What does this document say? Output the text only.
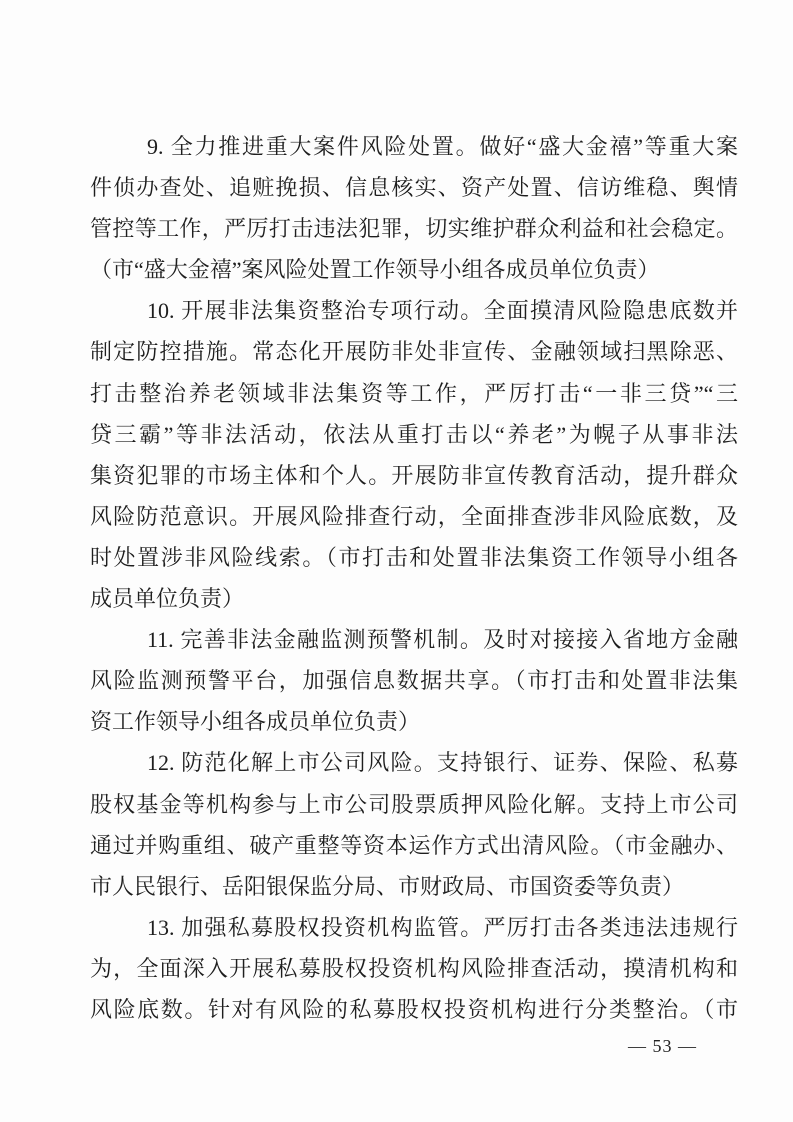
9. 全力推进重大案件风险处置。做好“盛大金禧”等重大案
件侦办查处、追赃挽损、信息核实、资产处置、信访维稳、舆情
管控等工作，严厉打击违法犯罪，切实维护群众利益和社会稳定。
（市“盛大金禧”案风险处置工作领导小组各成员单位负责）
10. 开展非法集资整治专项行动。全面摸清风险隐患底数并
制定防控措施。常态化开展防非处非宣传、金融领域扫黑除恶、
打击整治养老领域非法集资等工作，严厉打击“一非三贷”“三
贷三霸”等非法活动，依法从重打击以“养老”为幌子从事非法
集资犯罪的市场主体和个人。开展防非宣传教育活动，提升群众
风险防范意识。开展风险排查行动，全面排查涉非风险底数，及
时处置涉非风险线索。（市打击和处置非法集资工作领导小组各
成员单位负责）
11. 完善非法金融监测预警机制。及时对接接入省地方金融
风险监测预警平台，加强信息数据共享。（市打击和处置非法集
资工作领导小组各成员单位负责）
12. 防范化解上市公司风险。支持银行、证券、保险、私募
股权基金等机构参与上市公司股票质押风险化解。支持上市公司
通过并购重组、破产重整等资本运作方式出清风险。（市金融办、
市人民银行、岳阳银保监分局、市财政局、市国资委等负责）
13. 加强私募股权投资机构监管。严厉打击各类违法违规行
为，全面深入开展私募股权投资机构风险排查活动，摸清机构和
风险底数。针对有风险的私募股权投资机构进行分类整治。（市
— 53 —
